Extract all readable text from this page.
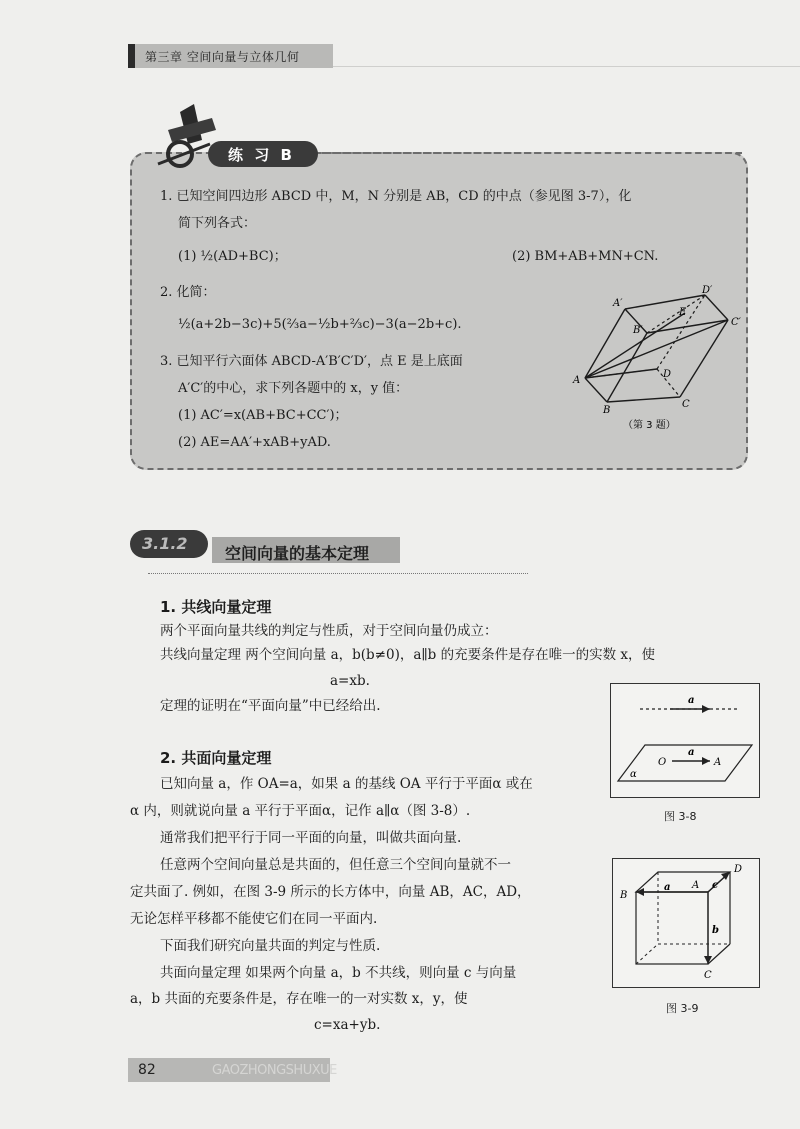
第三章 空间向量与立体几何
练 习 B
1. 已知空间四边形 ABCD 中，M，N 分别是 AB，CD 的中点（参见图 3-7），化
简下列各式：
(1) ½(AD+BC)；	(2) BM+AB+MN+CN.
2. 化简：
½(a+2b−3c)+5(⅔a−½b+⅔c)−3(a−2b+c).
3. 已知平行六面体 ABCD-A′B′C′D′，点 E 是上底面
A′C′的中心，求下列各题中的 x，y 值：
(1) AC′=x(AB+BC+CC′)；
(2) AE=AA′+xAB+yAD.
A′
D′
B′
C′
E
A
D
B
C
（第 3 题）
3.1.2
空间向量的基本定理
1. 共线向量定理
两个平面向量共线的判定与性质，对于空间向量仍成立：
共线向量定理 两个空间向量 a，b(b≠0)，a∥b 的充要条件是存在唯一的实数 x，使
a=xb.
定理的证明在“平面向量”中已经给出.
2. 共面向量定理
已知向量 a，作 OA=a，如果 a 的基线 OA 平行于平面α 或在
α 内，则就说向量 a 平行于平面α，记作 a∥α（图 3-8）.
通常我们把平行于同一平面的向量，叫做共面向量.
任意两个空间向量总是共面的，但任意三个空间向量就不一
定共面了. 例如，在图 3-9 所示的长方体中，向量 AB，AC，AD，
无论怎样平移都不能使它们在同一平面内.
下面我们研究向量共面的判定与性质.
共面向量定理 如果两个向量 a，b 不共线，则向量 c 与向量
a，b 共面的充要条件是，存在唯一的一对实数 x，y，使
c=xa+yb.
a
a
O	A
α
图 3-8
B
a A c
D
b
C
图 3-9
82	GAOZHONGSHUXUE
